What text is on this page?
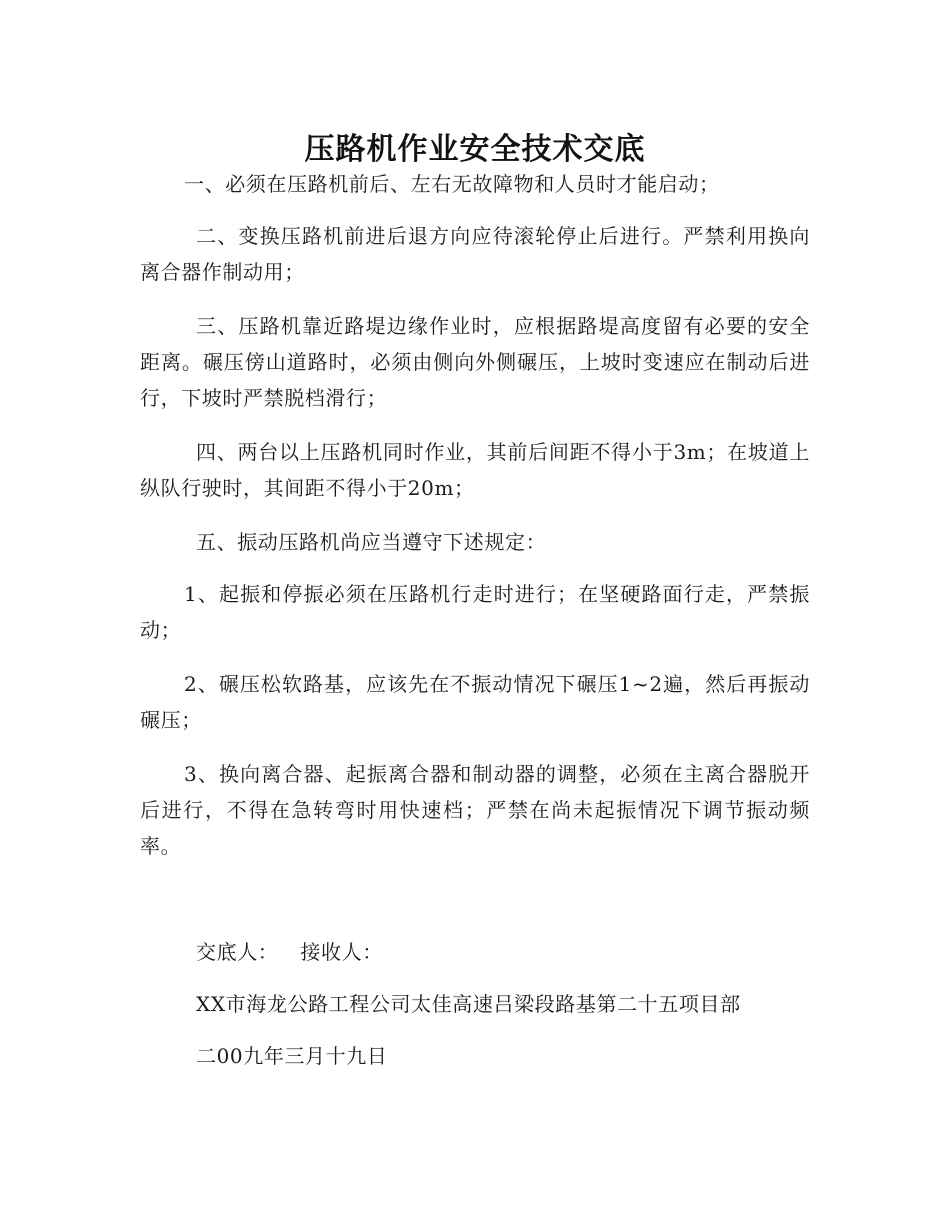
压路机作业安全技术交底

一、必须在压路机前后、左右无故障物和人员时才能启动；

二、变换压路机前进后退方向应待滚轮停止后进行。严禁利用换向离合器作制动用；

三、压路机靠近路堤边缘作业时，应根据路堤高度留有必要的安全距离。碾压傍山道路时，必须由侧向外侧碾压，上坡时变速应在制动后进行，下坡时严禁脱档滑行；

四、两台以上压路机同时作业，其前后间距不得小于3m；在坡道上纵队行驶时，其间距不得小于20m；

五、振动压路机尚应当遵守下述规定：

1、起振和停振必须在压路机行走时进行；在坚硬路面行走，严禁振动；

2、碾压松软路基，应该先在不振动情况下碾压1~2遍，然后再振动碾压；

3、换向离合器、起振离合器和制动器的调整，必须在主离合器脱开后进行，不得在急转弯时用快速档；严禁在尚未起振情况下调节振动频率。

交底人： 接收人：

XX市海龙公路工程公司太佳高速吕梁段路基第二十五项目部

二00九年三月十九日
